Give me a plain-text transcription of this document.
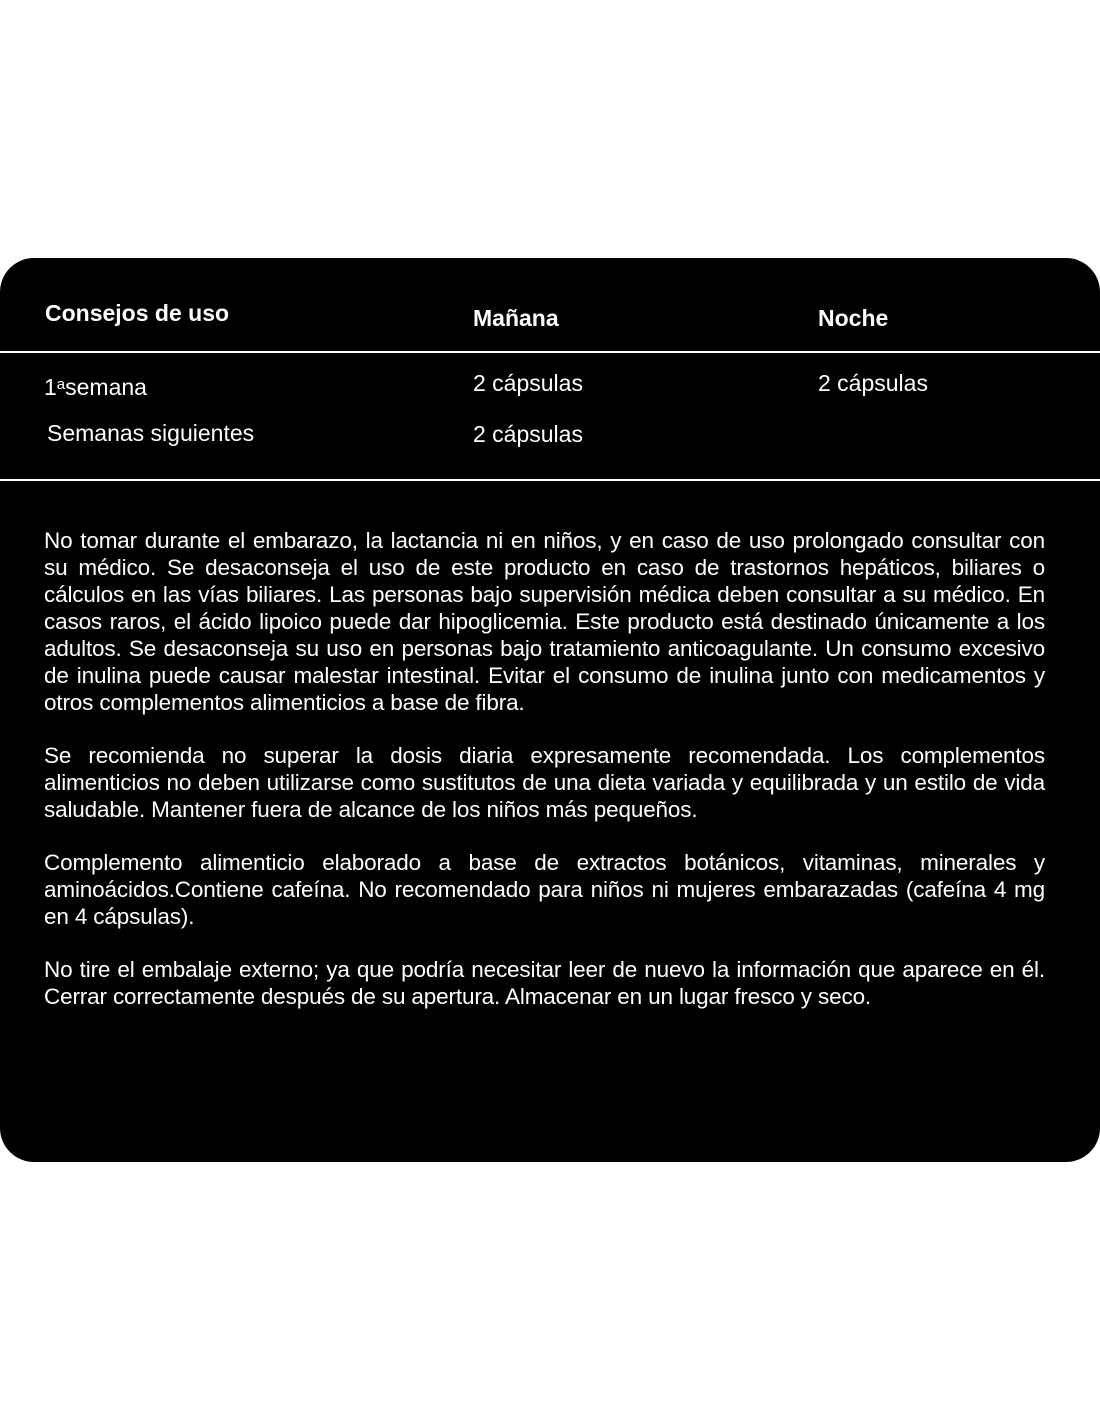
Consejos de uso	Mañana	Noche
1$^a$semana	2 cápsulas	2 cápsulas
Semanas siguientes	2 cápsulas

No tomar durante el embarazo, la lactancia ni en niños, y en caso de uso prolongado consultar con su médico. Se desaconseja el uso de este producto en caso de trastornos hepáticos, biliares o cálculos en las vías biliares. Las personas bajo supervisión médica deben consultar a su médico. En casos raros, el ácido lipoico puede dar hipoglicemia. Este producto está destinado únicamente a los adultos. Se desaconseja su uso en personas bajo tratamiento anticoagulante. Un consumo excesivo de inulina puede causar malestar intestinal. Evitar el consumo de inulina junto con medicamentos y otros complementos alimenticios a base de fibra.

Se recomienda no superar la dosis diaria expresamente recomendada. Los complementos alimenticios no deben utilizarse como sustitutos de una dieta variada y equilibrada y un estilo de vida saludable. Mantener fuera de alcance de los niños más pequeños.

Complemento alimenticio elaborado a base de extractos botánicos, vitaminas, minerales y aminoácidos.Contiene cafeína. No recomendado para niños ni mujeres embarazadas (cafeína 4 mg en 4 cápsulas).

No tire el embalaje externo; ya que podría necesitar leer de nuevo la información que aparece en él. Cerrar correctamente después de su apertura. Almacenar en un lugar fresco y seco.
